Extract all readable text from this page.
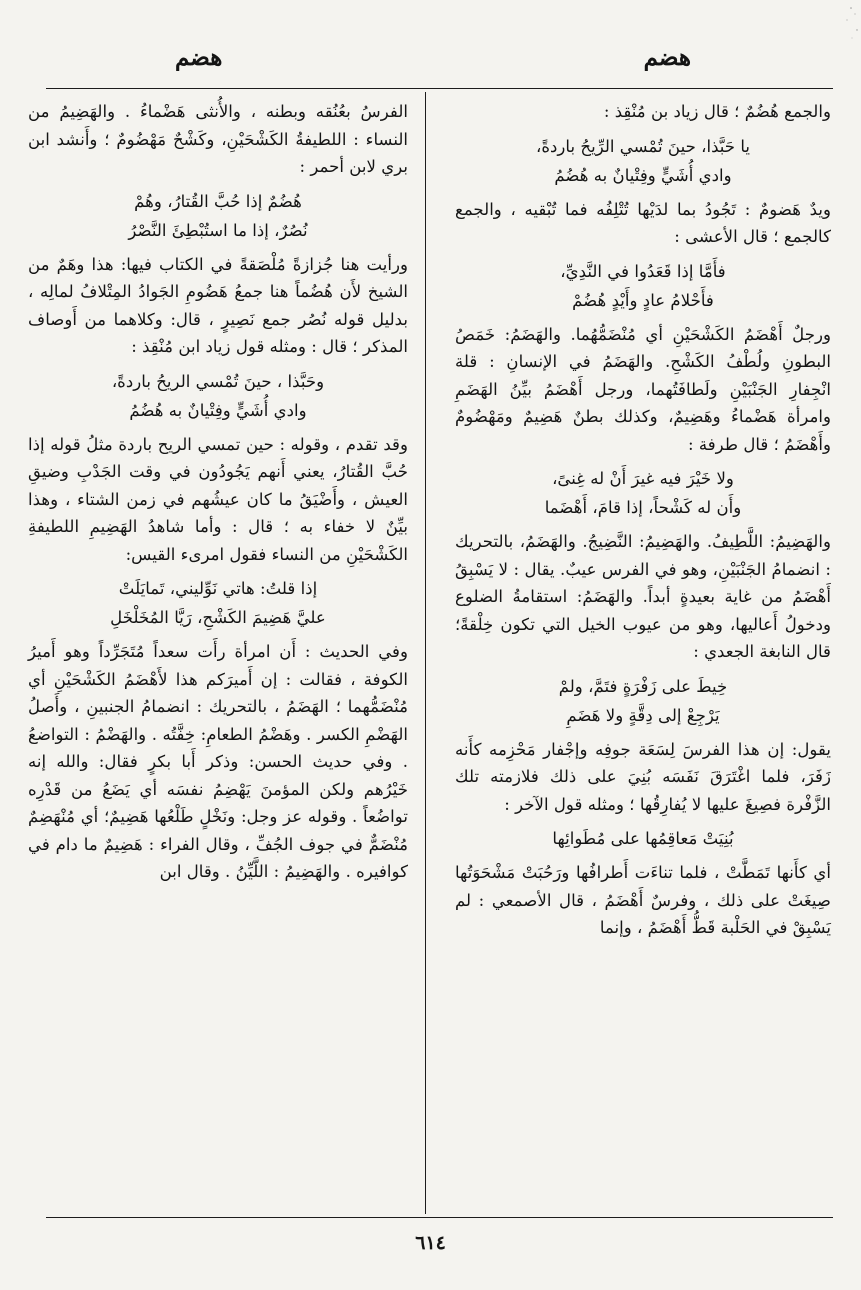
هضم
هضم

والجمع هُضُمٌ ؛ قال زياد بن مُنْقِذ :

يا حَبَّذا، حينَ تُمْسي الرِّيحُ باردةً،
وادي أُشَيٍّ وفِتْيانٌ به هُضُمُ

ويدٌ هَضومٌ : تَجُودُ بما لدَيْها تُتْلِفُه فما تُبْقيه ، والجمع كالجمع ؛ قال الأعشى :

فأَمَّا إذا قَعَدُوا في النَّدِيِّ،
فأَحْلامُ عادٍ وأَيْدٍ هُضُمْ

ورجلٌ أَهْضَمُ الكَشْحَيْنِ أي مُنْضَمُّهُما. والهَضَمُ: خَمَصُ البطونِ ولُطْفُ الكَشْحِ. والهَضَمُ في الإنسانِ : قلة انْجِفارِ الجَنْبَيْنِ ولَطافَتُهما، ورجل أَهْضَمُ بيِّنُ الهَضَمِ وامرأة هَضْماءُ وهَضِيمٌ، وكذلك بطنٌ هَضِيمٌ ومَهْضُومٌ وأَهْضَمُ ؛ قال طرفة :

ولا خَيْرَ فيه غيرَ أَنْ له غِنىً،
وأَن له كَشْحاً، إذا قامَ، أَهْضَما

والهَضِيمُ: اللَّطِيفُ. والهَضِيمُ: النَّضِيجُ. والهَضَمُ، بالتحريك : انضمامُ الجَنْبَيْنِ، وهو في الفرس عيبٌ. يقال : لا يَسْبِقُ أَهْضَمُ من غاية بعيدةٍ أبداً. والهَضَمُ: استقامةُ الضلوع ودخولُ أَعاليها، وهو من عيوب الخيل التي تكون خِلْقةً؛ قال النابغة الجعدي :

خِيطَ على زَفْرَةٍ فتَمَّ، ولمْ
يَرْجِعْ إلى دِقَّةٍ ولا هَضَمِ

يقول: إن هذا الفرسَ لِسَعَة جوفِه وإجْفار مَحْزِمه كأَنه زَفَرَ، فلما اغْتَرَقَ نَفَسَه بُنِيَ على ذلك فلازمته تلك الزَّفْرة فصِيغَ عليها لا يُفارِقُها ؛ ومثله قول الآخر :

بُنِيَتْ مَعاقِمُها على مُطَوائِها

أي كأَنها تَمَطَّتْ ، فلما تناءَت أَطرافُها ورَحُبَتْ مَشْحَوَتُها صِيغَتْ على ذلك ، وفرسٌ أَهْضَمُ ، قال الأصمعي : لم يَسْبِقْ في الحَلْبة قَطُّ أَهْضَمُ ، وإنما

الفرسُ بعُنُقه وبطنه ، والأُنثى هَضْماءُ . والهَضِيمُ من النساء : اللطيفةُ الكَشْحَيْنِ، وكَشْحٌ مَهْضُومٌ ؛ وأَنشد ابن بري لابن أحمر :

هُضُمٌ إذا حُبَّ القُتارُ، وهُمْ
نُصُرٌ، إذا ما استُبْطِئَ النَّصْرُ

ورأيت هنا جُزازةً مُلْصَقةً في الكتاب فيها: هذا وهَمٌ من الشيخ لأَن هُضُماً هنا جمعُ هَضُومِ الجَوادُ المِتْلافُ لمالِه ، بدليل قوله نُصُر جمع نَصِيرٍ ، قال: وكلاهما من أَوصاف المذكر ؛ قال : ومثله قول زياد ابن مُنْقِذ :

وحَبَّذا ، حينَ تُمْسي الريحُ باردةً،
وادي أُشَيٍّ وفِتْيانٌ به هُضُمُ

وقد تقدم ، وقوله : حين تمسي الريح باردة مثلُ قوله إذا حُبَّ القُتارُ، يعني أَنهم يَجُودُون في وقت الجَدْبِ وضيقِ العيش ، وأَضْيَقُ ما كان عيشُهم في زمن الشتاء ، وهذا بيِّنٌ لا خفاء به ؛ قال : وأما شاهدُ الهَضِيمِ اللطيفةِ الكَشْحَيْنِ من النساء فقول امرىء القيس:

إذا قلتُ: هاتي نَوِّليني، تَمايَلَتْ
عليَّ هَضِيمَ الكَشْحِ، رَيَّا المُخَلْخَلِ

وفي الحديث : أَن امرأة رأَت سعداً مُتَجَرِّداً وهو أَميرُ الكوفة ، فقالت : إن أَميرَكم هذا لأَهْضَمُ الكَشْحَيْنِ أي مُنْضَمُّهما ؛ الهَضَمُ ، بالتحريك : انضمامُ الجنبينِ ، وأَصلُ الهَضْمِ الكسر . وهَضْمُ الطعامِ: خِفَّتُه . والهَضْمُ : التواضعُ . وفي حديث الحسن: وذكر أَبا بكرٍ فقال: والله إنه خَيْرُهم ولكن المؤمنَ يَهْضِمُ نفسَه أي يَضَعُ من قَدْرِه تواضُعاً . وقوله عز وجل: ونَخْلٍ طَلْعُها هَضِيمٌ؛ أي مُنْهَضِمٌ مُنْضَمٌّ في جوف الجُفِّ ، وقال الفراء : هَضِيمٌ ما دام في كوافيره . والهَضِيمُ : اللَّيِّنُ . وقال ابن

٦١٤
